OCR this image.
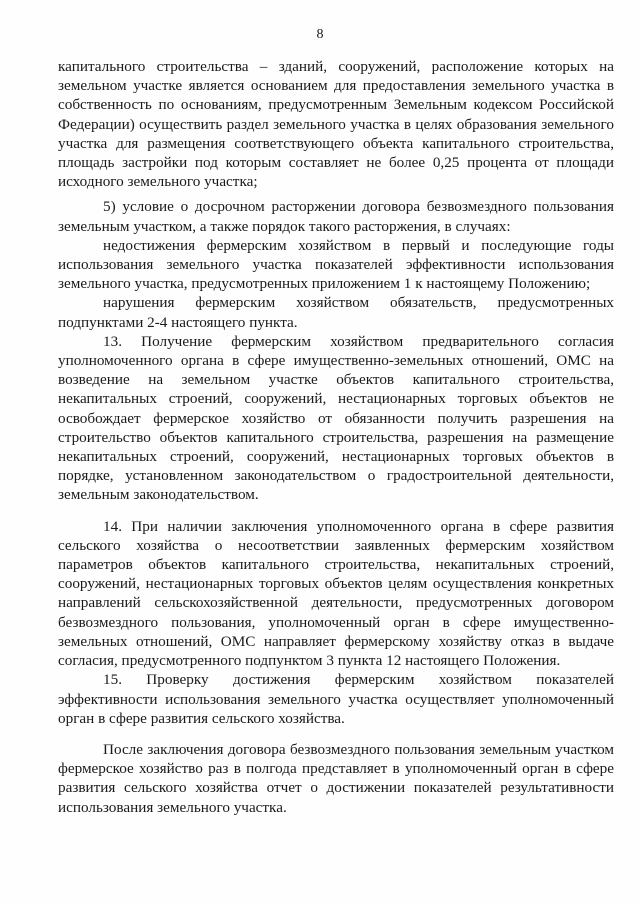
8

капитального строительства – зданий, сооружений, расположение которых на земельном участке является основанием для предоставления земельного участка в собственность по основаниям, предусмотренным Земельным кодексом Российской Федерации) осуществить раздел земельного участка в целях образования земельного участка для размещения соответствующего объекта капитального строительства, площадь застройки под которым составляет не более 0,25 процента от площади исходного земельного участка;

5) условие о досрочном расторжении договора безвозмездного пользования земельным участком, а также порядок такого расторжения, в случаях:

недостижения фермерским хозяйством в первый и последующие годы использования земельного участка показателей эффективности использования земельного участка, предусмотренных приложением 1 к настоящему Положению;

нарушения фермерским хозяйством обязательств, предусмотренных подпунктами 2-4 настоящего пункта.

13. Получение фермерским хозяйством предварительного согласия уполномоченного органа в сфере имущественно-земельных отношений, ОМС на возведение на земельном участке объектов капитального строительства, некапитальных строений, сооружений, нестационарных торговых объектов не освобождает фермерское хозяйство от обязанности получить разрешения на строительство объектов капитального строительства, разрешения на размещение некапитальных строений, сооружений, нестационарных торговых объектов в порядке, установленном законодательством о градостроительной деятельности, земельным законодательством.

14. При наличии заключения уполномоченного органа в сфере развития сельского хозяйства о несоответствии заявленных фермерским хозяйством параметров объектов капитального строительства, некапитальных строений, сооружений, нестационарных торговых объектов целям осуществления конкретных направлений сельскохозяйственной деятельности, предусмотренных договором безвозмездного пользования, уполномоченный орган в сфере имущественно-земельных отношений, ОМС направляет фермерскому хозяйству отказ в выдаче согласия, предусмотренного подпунктом 3 пункта 12 настоящего Положения.

15. Проверку достижения фермерским хозяйством показателей эффективности использования земельного участка осуществляет уполномоченный орган в сфере развития сельского хозяйства.

После заключения договора безвозмездного пользования земельным участком фермерское хозяйство раз в полгода представляет в уполномоченный орган в сфере развития сельского хозяйства отчет о достижении показателей результативности использования земельного участка.
